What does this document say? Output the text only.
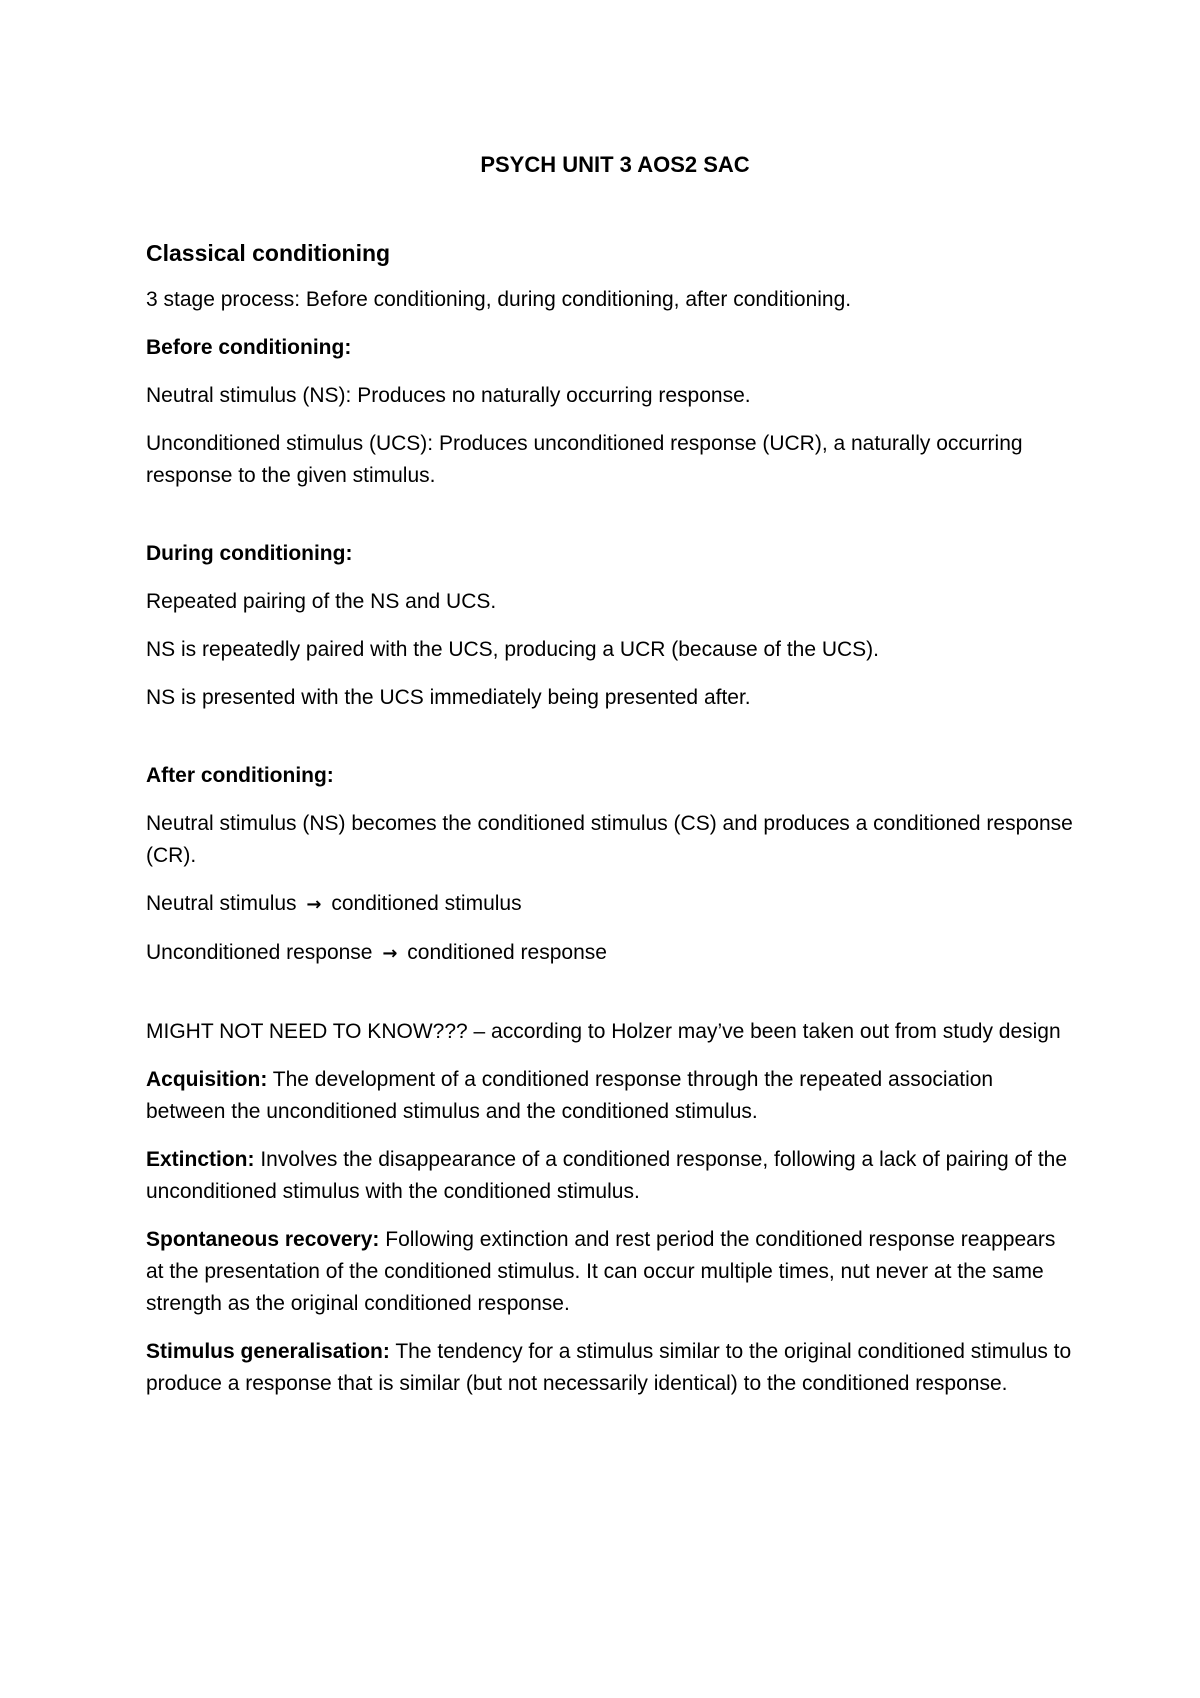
PSYCH UNIT 3 AOS2 SAC
Classical conditioning

3 stage process: Before conditioning, during conditioning, after conditioning.

Before conditioning:

Neutral stimulus (NS): Produces no naturally occurring response.

Unconditioned stimulus (UCS): Produces unconditioned response (UCR), a naturally occurring response to the given stimulus.

During conditioning:

Repeated pairing of the NS and UCS.

NS is repeatedly paired with the UCS, producing a UCR (because of the UCS).

NS is presented with the UCS immediately being presented after.

After conditioning:

Neutral stimulus (NS) becomes the conditioned stimulus (CS) and produces a conditioned response (CR).

Neutral stimulus → conditioned stimulus

Unconditioned response → conditioned response

MIGHT NOT NEED TO KNOW??? – according to Holzer may’ve been taken out from study design

Acquisition: The development of a conditioned response through the repeated association between the unconditioned stimulus and the conditioned stimulus.

Extinction: Involves the disappearance of a conditioned response, following a lack of pairing of the unconditioned stimulus with the conditioned stimulus.

Spontaneous recovery: Following extinction and rest period the conditioned response reappears at the presentation of the conditioned stimulus. It can occur multiple times, nut never at the same strength as the original conditioned response.

Stimulus generalisation: The tendency for a stimulus similar to the original conditioned stimulus to produce a response that is similar (but not necessarily identical) to the conditioned response.
